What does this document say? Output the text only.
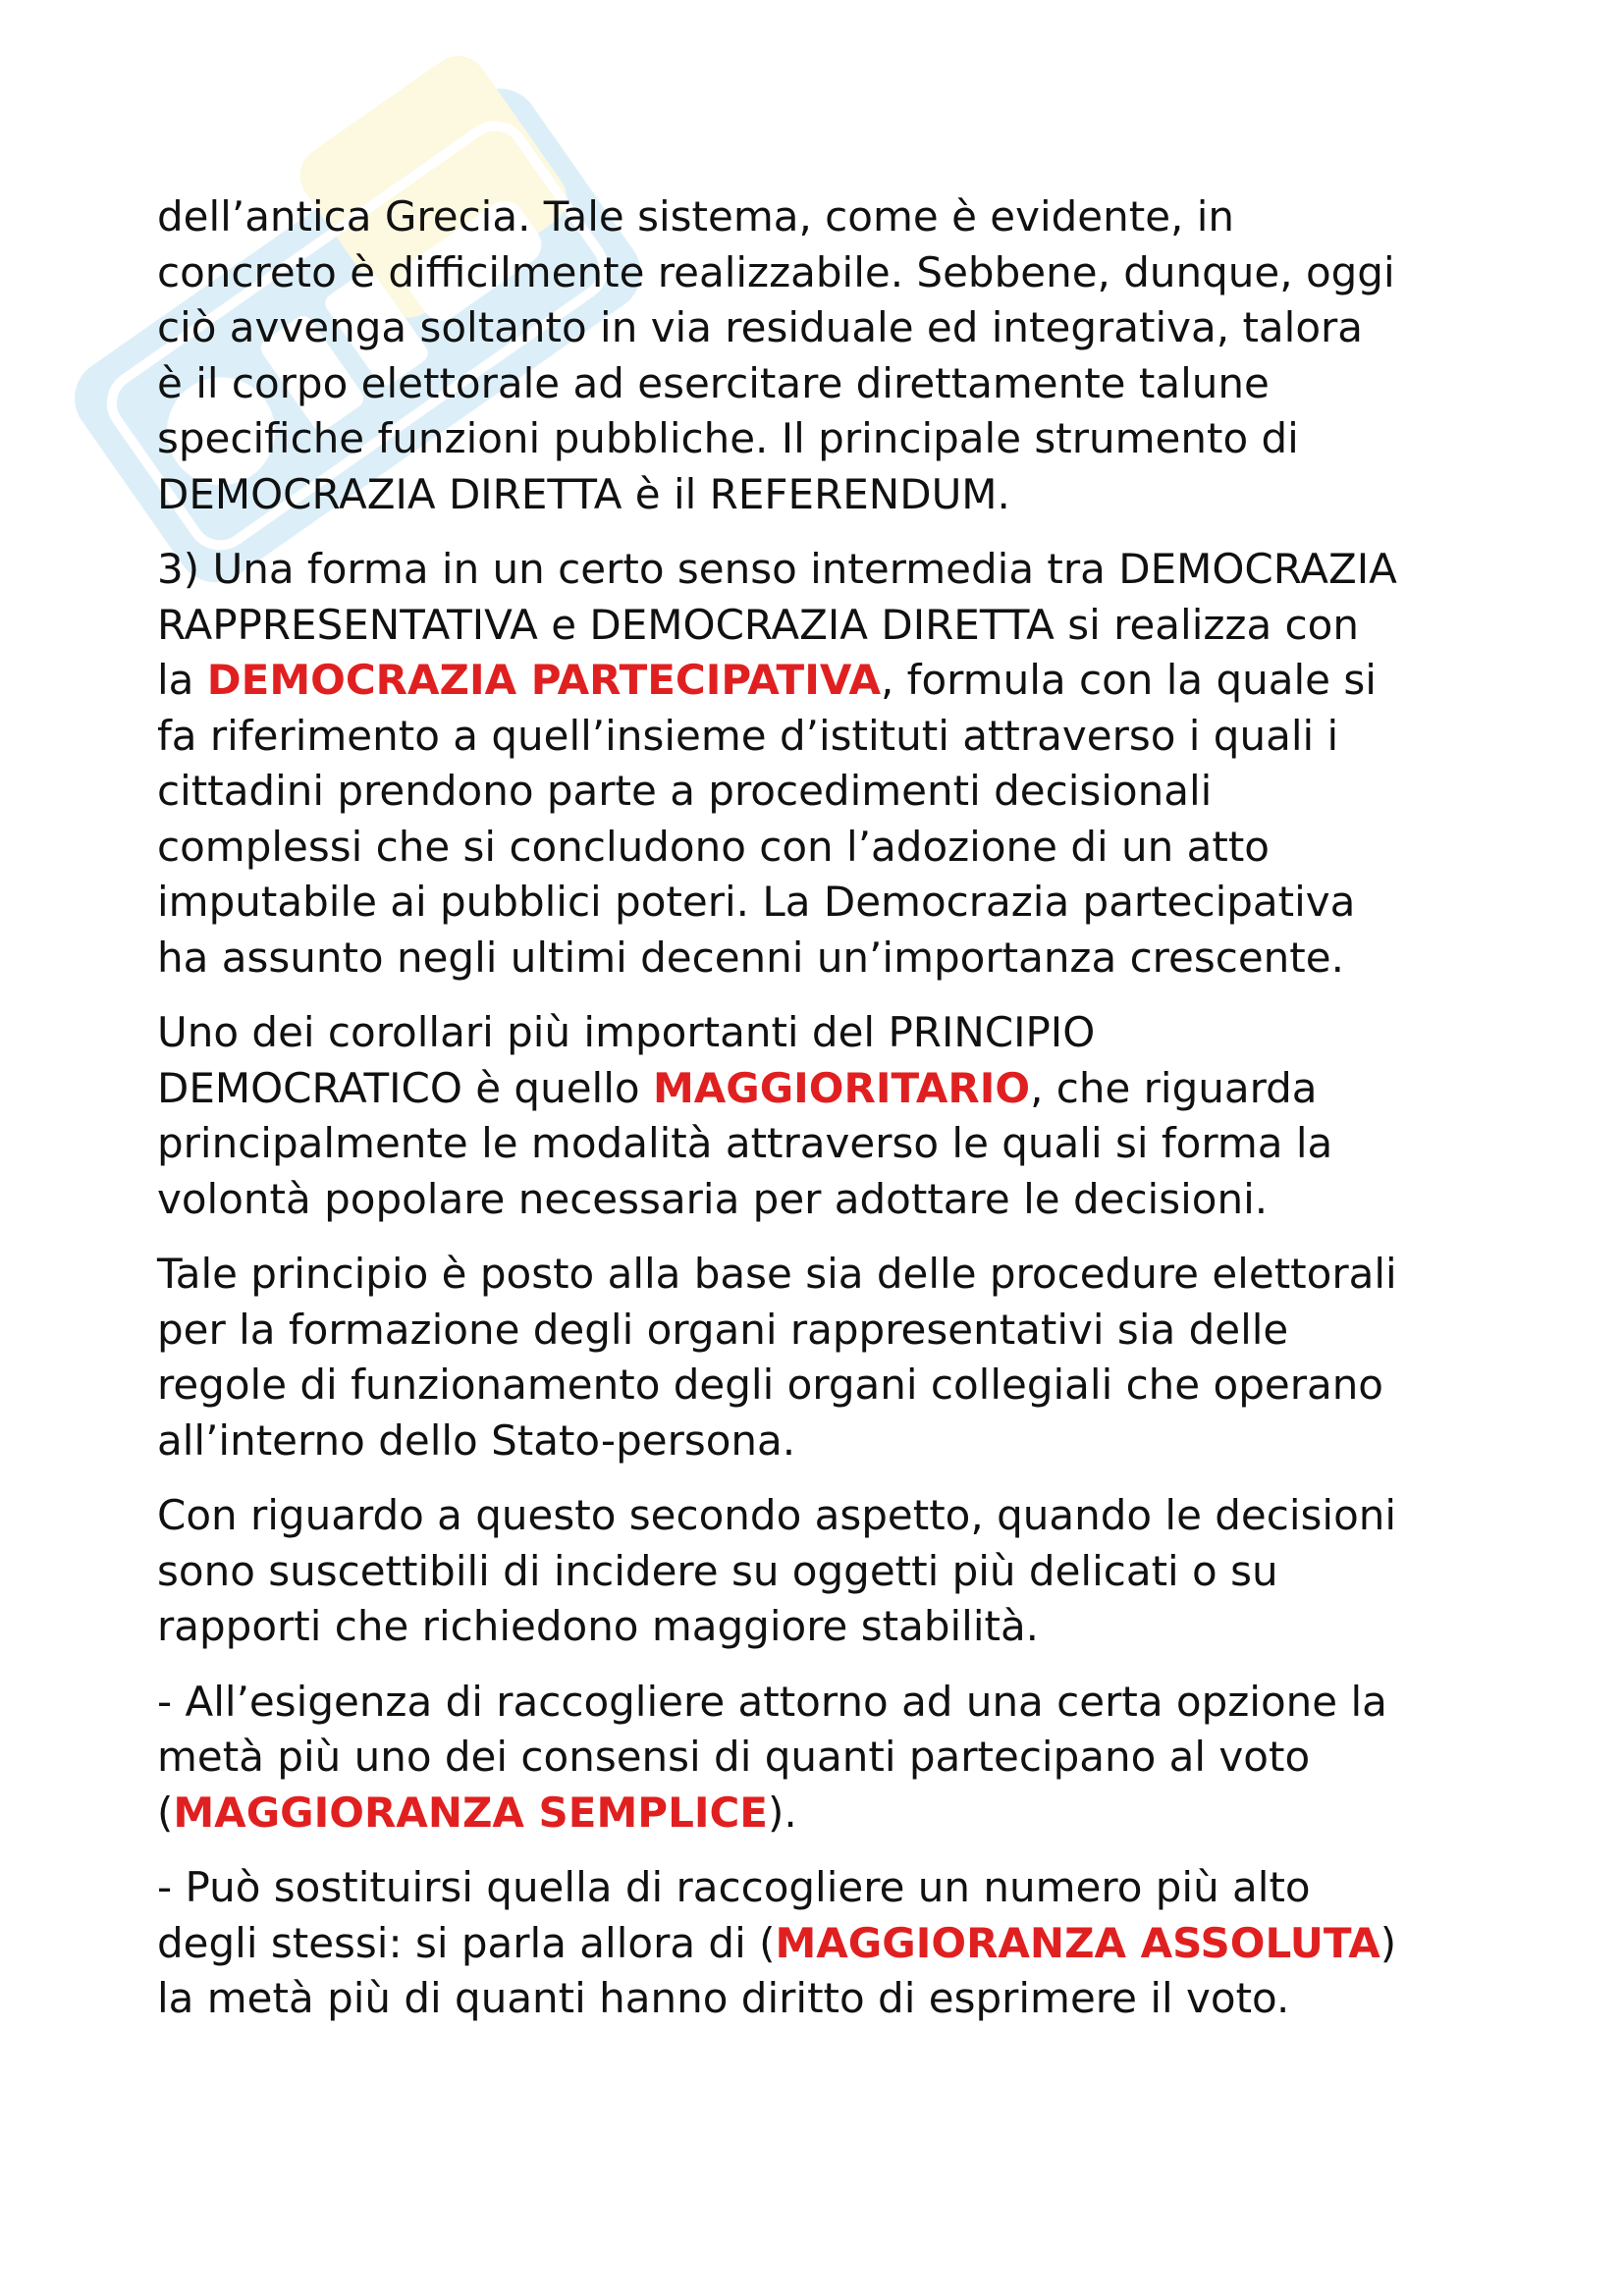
dell’antica Grecia. Tale sistema, come è evidente, in
concreto è difficilmente realizzabile. Sebbene, dunque, oggi
ciò avvenga soltanto in via residuale ed integrativa, talora
è il corpo elettorale ad esercitare direttamente talune
specifiche funzioni pubbliche. Il principale strumento di
DEMOCRAZIA DIRETTA è il REFERENDUM.

3) Una forma in un certo senso intermedia tra DEMOCRAZIA
RAPPRESENTATIVA e DEMOCRAZIA DIRETTA si realizza con
la DEMOCRAZIA PARTECIPATIVA, formula con la quale si
fa riferimento a quell’insieme d’istituti attraverso i quali i
cittadini prendono parte a procedimenti decisionali
complessi che si concludono con l’adozione di un atto
imputabile ai pubblici poteri. La Democrazia partecipativa
ha assunto negli ultimi decenni un’importanza crescente.

Uno dei corollari più importanti del PRINCIPIO
DEMOCRATICO è quello MAGGIORITARIO, che riguarda
principalmente le modalità attraverso le quali si forma la
volontà popolare necessaria per adottare le decisioni.

Tale principio è posto alla base sia delle procedure elettorali
per la formazione degli organi rappresentativi sia delle
regole di funzionamento degli organi collegiali che operano
all’interno dello Stato-persona.

Con riguardo a questo secondo aspetto, quando le decisioni
sono suscettibili di incidere su oggetti più delicati o su
rapporti che richiedono maggiore stabilità.

- All’esigenza di raccogliere attorno ad una certa opzione la
metà più uno dei consensi di quanti partecipano al voto
(MAGGIORANZA SEMPLICE).

- Può sostituirsi quella di raccogliere un numero più alto
degli stessi: si parla allora di (MAGGIORANZA ASSOLUTA)
la metà più di quanti hanno diritto di esprimere il voto.
